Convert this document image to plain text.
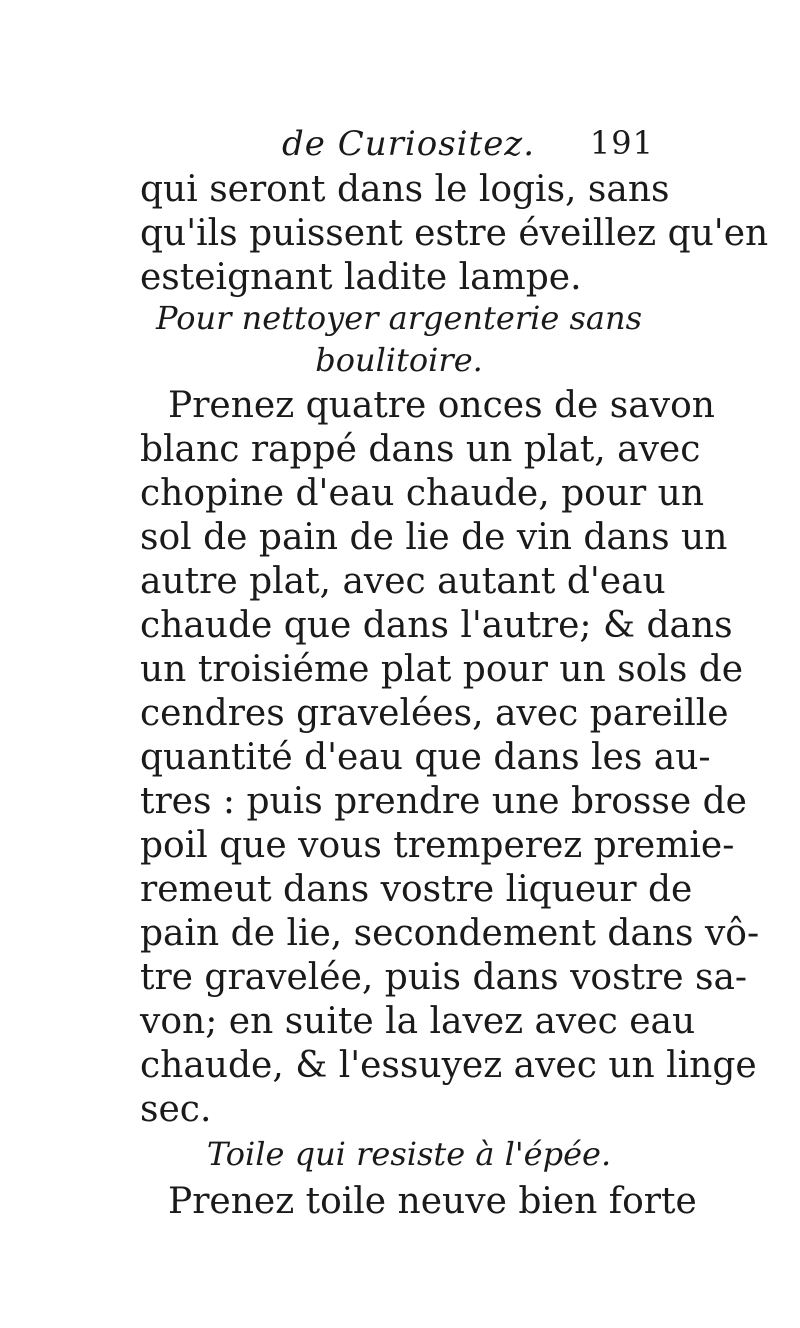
de Curiositez. 191
qui seront dans le logis, sans
qu'ils puissent estre éveillez qu'en
esteignant ladite lampe.
Pour nettoyer argenterie sans
boulitoire.
Prenez quatre onces de savon
blanc rappé dans un plat, avec
chopine d'eau chaude, pour un
sol de pain de lie de vin dans un
autre plat, avec autant d'eau
chaude que dans l'autre; & dans
un troisiéme plat pour un sols de
cendres gravelées, avec pareille
quantité d'eau que dans les au-
tres : puis prendre une brosse de
poil que vous tremperez premie-
remeut dans vostre liqueur de
pain de lie, secondement dans vô-
tre gravelée, puis dans vostre sa-
von; en suite la lavez avec eau
chaude, & l'essuyez avec un linge
sec.
Toile qui resiste à l'épée.
Prenez toile neuve bien forte
